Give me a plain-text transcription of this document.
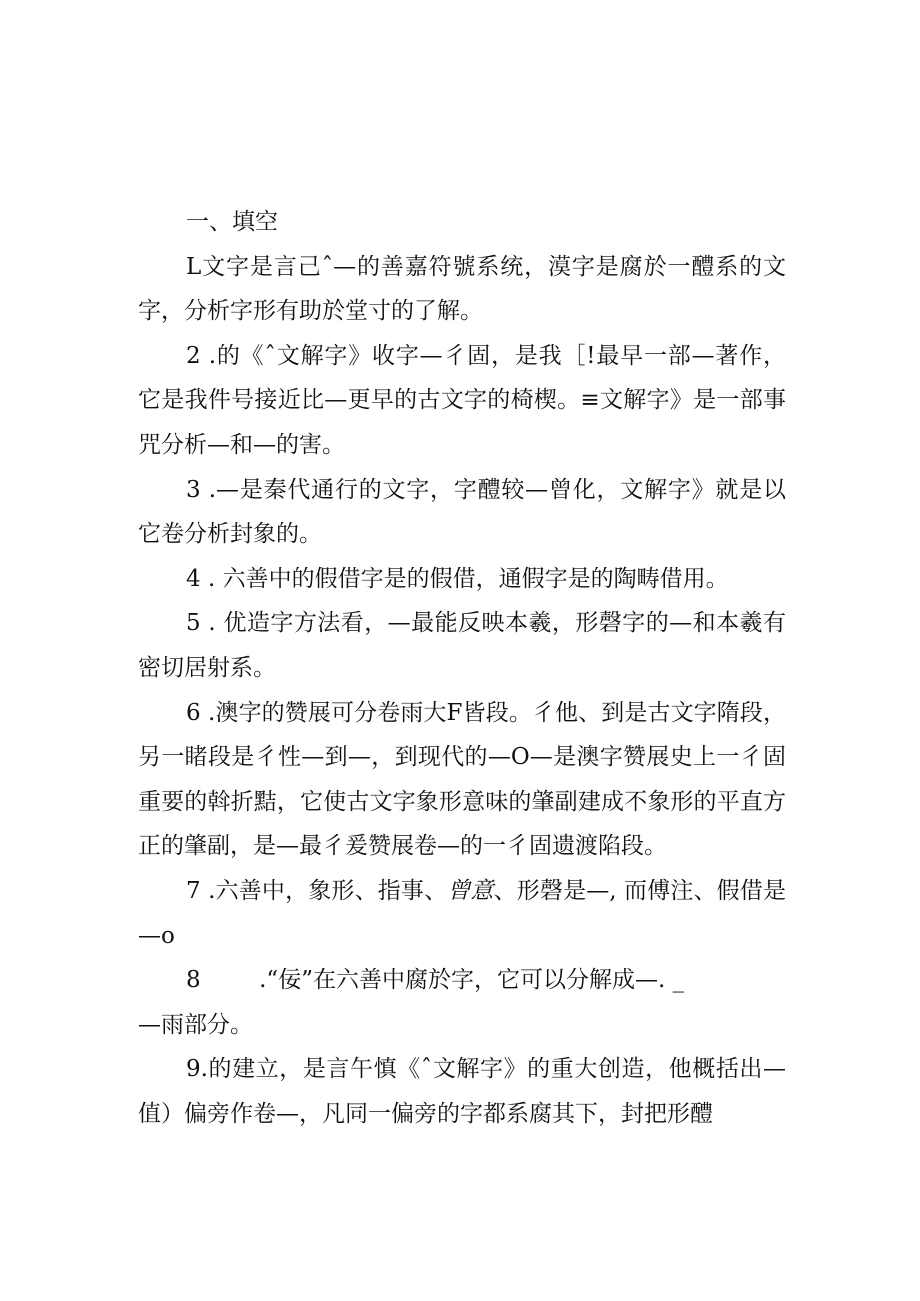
一、填空

L文字是言己ˆ—的善嘉符號系统，漠字是腐於一醴系的文字，分析字形有助於堂寸的了解。

2 .的《ˆ文解字》收字—彳固，是我［!最早一部—著作，它是我件号接近比—更早的古文字的椅楔。≡文解字》是一部事咒分析—和—的害。

3 .—是秦代通行的文字，字醴较—曾化，文解字》就是以它卷分析封象的。

4 . 六善中的假借字是的假借，通假字是的陶畴借用。

5 . 优造字方法看，—最能反映本羲，形磬字的—和本羲有密切居射系。

6 .澳字的赞展可分卷雨大F皆段。彳他、到是古文字隋段，另一睹段是彳性—到—，到现代的—O—是澳字赞展史上一彳固重要的斡折黠，它使古文字象形意味的肇副建成不象形的平直方正的肇副，是—最彳爰赞展卷—的一彳固遗渡陷段。

7 .六善中，象形、指事、曾意、形磬是—, 而傅注、假借是—o

8        .“佞”在六善中腐於字，它可以分解成—. _

—雨部分。

9.的建立，是言午慎《ˆ文解字》的重大创造，他概括出—值）偏旁作卷—，凡同一偏旁的字都系腐其下，封把形醴
